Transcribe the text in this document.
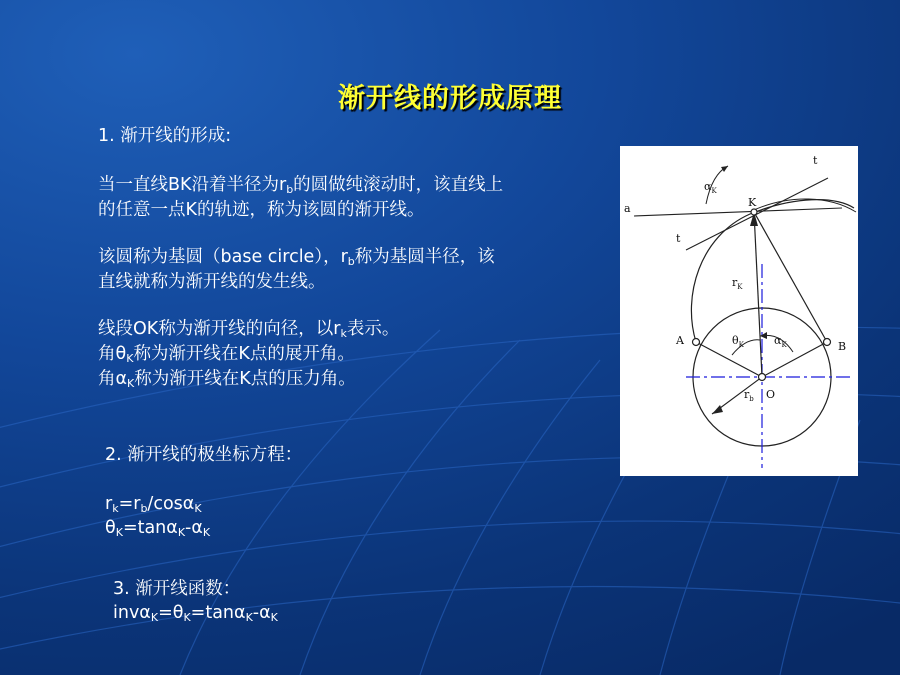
渐开线的形成原理
1. 渐开线的形成:
当一直线BK沿着半径为$r_b$的圆做纯滚动时，该直线上
的任意一点K的轨迹，称为该圆的渐开线。
该圆称为基圆（base circle），$r_b$称为基圆半径，该
直线就称为渐开线的发生线。
线段OK称为渐开线的向径，以$r_k$表示。
角$\theta_K$称为渐开线在K点的展开角。
角$\alpha_K$称为渐开线在K点的压力角。
2. 渐开线的极坐标方程：
$r_k=r_b/\cos\alpha_K$
$\theta_K=\tan\alpha_K-\alpha_K$
3. 渐开线函数：
$inv\alpha_K=\theta_K=\tan\alpha_K-\alpha_K$
t
$\alpha_K$
K
a
t
$r_K$
A	$\theta_K$	$\alpha_K$	B
$r_b$ O
